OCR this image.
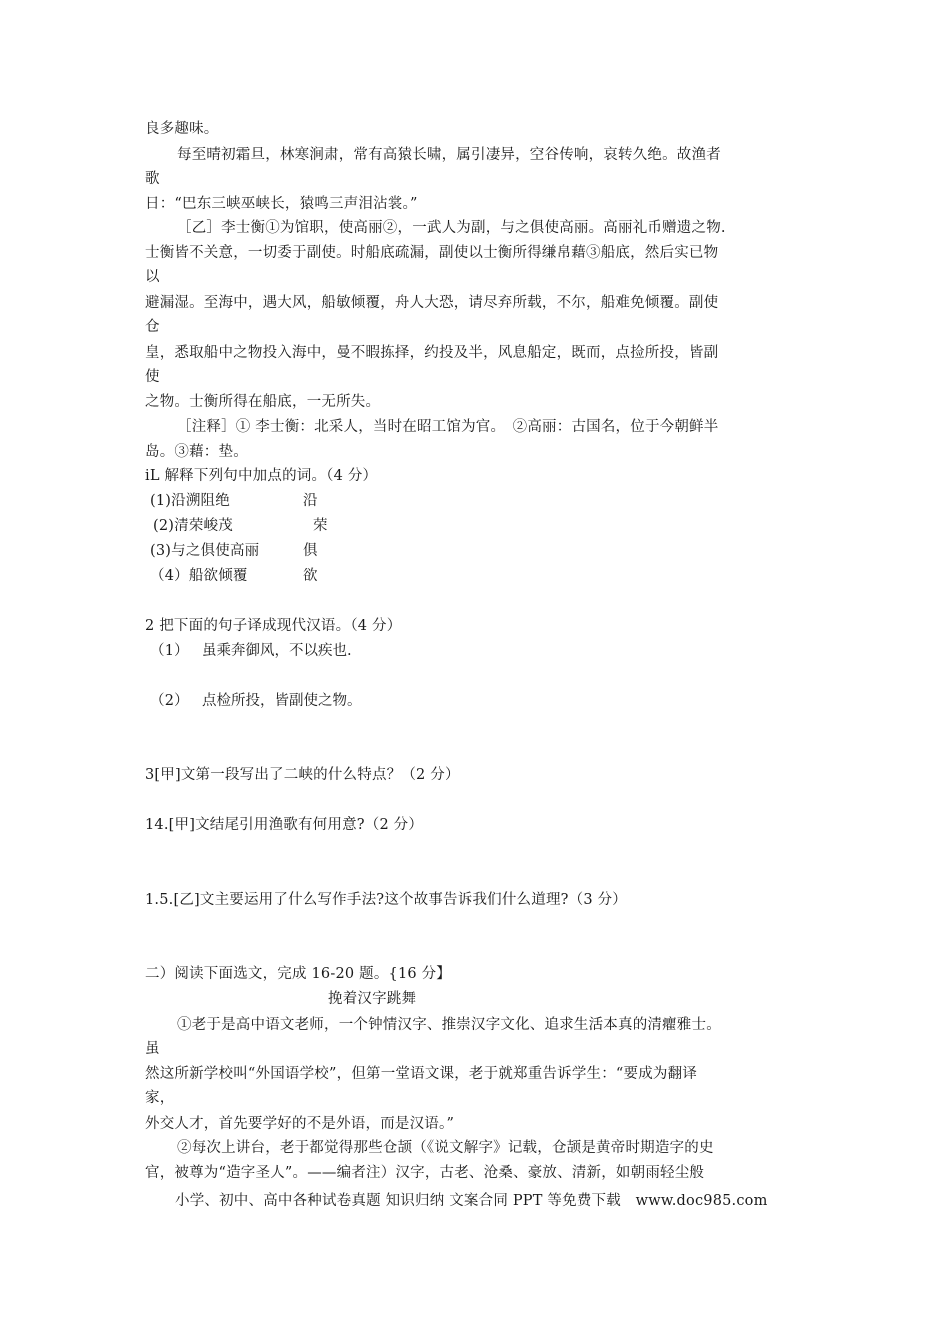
良多趣味。
每至晴初霜旦，林寒涧肃，常有高猿长啸，属引凄异，空谷传响，哀转久绝。故渔者
歌
日：“巴东三峡巫峡长，猿鸣三声泪沾裳。”
［乙］李士衡①为馆职，使高丽②，一武人为副，与之俱使高丽。高丽礼币赠遗之物.
士衡皆不关意，一切委于副使。时船底疏漏，副使以士衡所得缣帛藉③船底，然后实已物
以
避漏湿。至海中，遇大风，船敏倾覆，舟人大恐，请尽弃所载，不尔，船难免倾覆。副使
仓
皇，悉取船中之物投入海中，曼不暇拣择，约投及半，风息船定，既而，点捡所投，皆副
使
之物。士衡所得在船底，一无所失。
［注释］① 李士衡：北采人，当时在昭工馆为官。　②高丽：古国名，位于今朝鲜半
岛。③藉：垫。
iL 解释下列句中加点的词。（4 分）
(1)沿溯阻绝	沿
(2)清荣峻茂	荣
(3)与之俱使高丽	俱
（4）船欲倾覆	欲
2 把下面的句子译成现代汉语。（4 分）
（1） 虽乘奔御风，不以疾也.
（2） 点检所投，皆副使之物。
3[甲]文第一段写出了二峡的什么特点？（2 分）
14.[甲]文结尾引用渔歌有何用意?（2 分）
1.5.[乙]文主要运用了什么写作手法?这个故事告诉我们什么道理?（3 分）
二）阅读下面选文，完成 16-20 题。{16 分】
挽着汉字跳舞
①老于是高中语文老师，一个钟情汉字、推崇汉字文化、追求生活本真的清癯雅士。
虽
然这所新学校叫“外国语学校”，但第一堂语文课，老于就郑重告诉学生：“要成为翻译
家，
外交人才，首先要学好的不是外语，而是汉语。”
②每次上讲台，老于都觉得那些仓颉（《说文解字》记载，仓颉是黄帝时期造字的史
官，被尊为“造字圣人”。——编者注）汉字，古老、沧桑、豪放、清新，如朝雨轻尘般
小学、初中、高中各种试卷真题 知识归纳 文案合同 PPT 等免费下载　www.doc985.com
